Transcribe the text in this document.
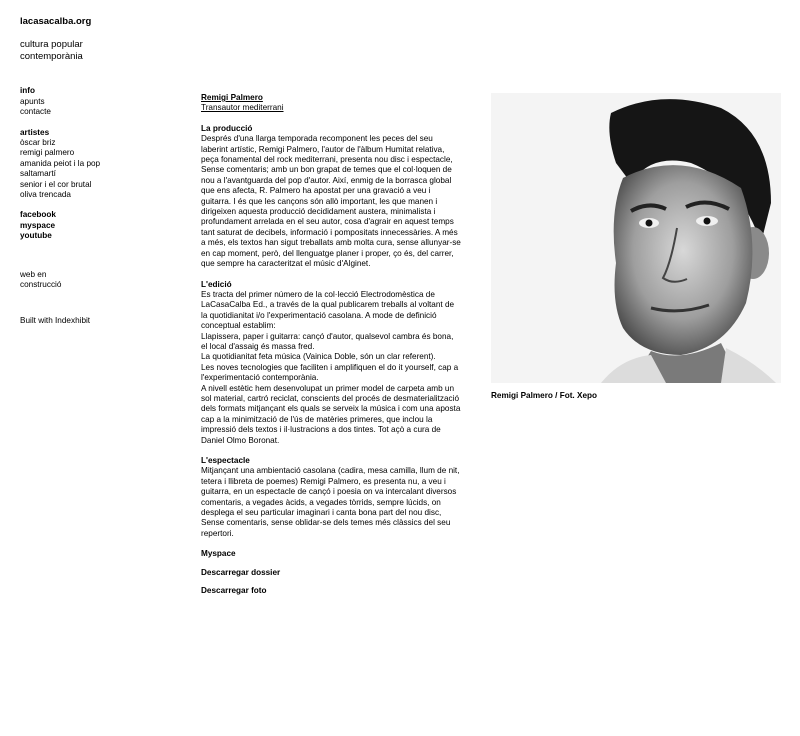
lacasacalba.org
cultura popular
contemporània
info
apunts
contacte
artistes
òscar briz
remigi palmero
amanida peiot i la pop
saltamartí
senior i el cor brutal
oliva trencada
facebook
myspace
youtube
web en
construcció
Built with Indexhibit
Remigi Palmero
Transautor mediterrani
La producció
Després d'una llarga temporada recomponent les peces del seu
laberint artístic, Remigi Palmero, l'autor de l'àlbum Humitat relativa,
peça fonamental del rock mediterrani, presenta nou disc i espectacle,
Sense comentaris; amb un bon grapat de temes que el col·loquen de
nou a l'avantguarda del pop d'autor. Així, enmig de la borrasca global
que ens afecta, R. Palmero ha apostat per una gravació a veu i
guitarra. I és que les cançons són allò important, les que manen i
dirigeixen aquesta producció decididament austera, minimalista i
profundament arrelada en el seu autor, cosa d'agrair en aquest temps
tant saturat de decibels, informació i pompositats innecessàries. A més
a més, els textos han sigut treballats amb molta cura, sense allunyar-se
en cap moment, però, del llenguatge planer i proper, ço és, del carrer,
que sempre ha caracteritzat el músic d'Alginet.
L'edició
Es tracta del primer número de la col·lecció Electrodomèstica de
LaCasaCalba Ed., a través de la qual publicarem treballs al voltant de
la quotidianitat i/o l'experimentació casolana. A mode de definició
conceptual establim:
Llapissera, paper i guitarra: cançó d'autor, qualsevol cambra és bona,
el local d'assaig és massa fred.
La quotidianitat feta música (Vainica Doble, són un clar referent).
Les noves tecnologies que faciliten i amplifiquen el do it yourself, cap a
l'experimentació contemporània.
A nivell estètic hem desenvolupat un primer model de carpeta amb un
sol material, cartró reciclat, conscients del procés de desmaterialització
dels formats mitjançant els quals se serveix la música i com una aposta
cap a la minimització de l'ús de matèries primeres, que inclou la
impressió dels textos i il·lustracions a dos tintes. Tot açò a cura de
Daniel Olmo Boronat.
L'espectacle
Mitjançant una ambientació casolana (cadira, mesa camilla, llum de nit,
tetera i llibreta de poemes) Remigi Palmero, es presenta nu, a veu i
guitarra, en un espectacle de cançó i poesia on va intercalant diversos
comentaris, a vegades àcids, a vegades tòrrids, sempre lúcids, on
desplega el seu particular imaginari i canta bona part del nou disc,
Sense comentaris, sense oblidar-se dels temes més clàssics del seu
repertori.
Myspace
Descarregar dossier
Descarregar foto
Remigi Palmero / Fot. Xepo
